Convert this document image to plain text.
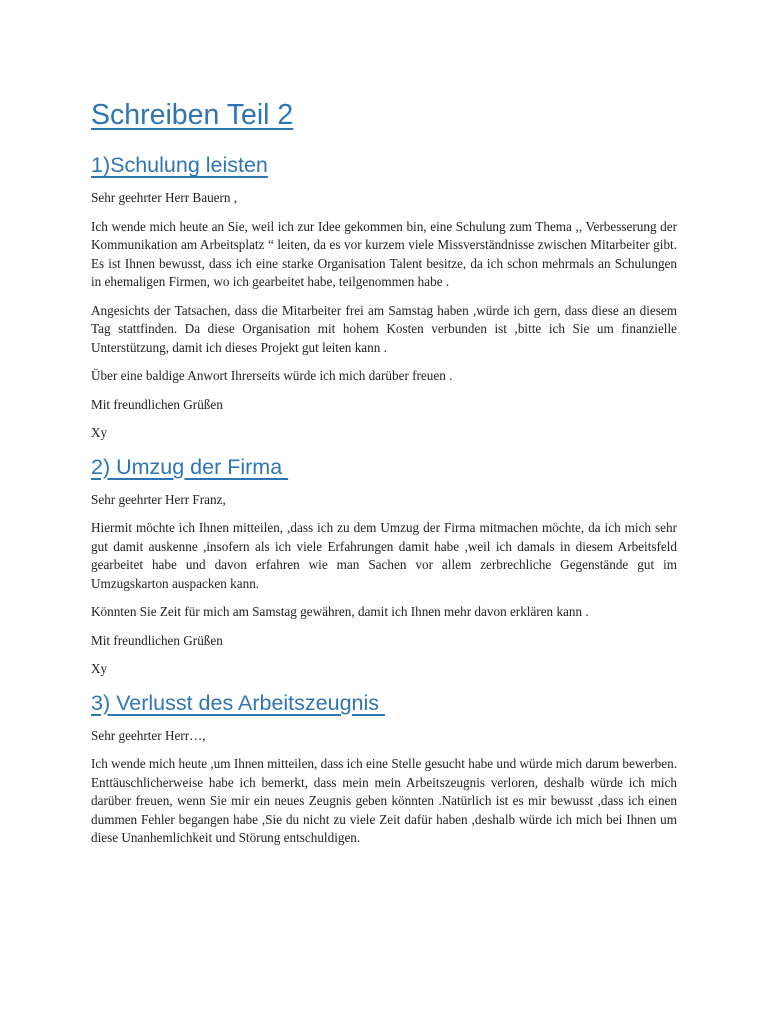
Schreiben Teil 2
1)Schulung leisten

Sehr geehrter Herr Bauern ,

Ich wende mich heute an Sie, weil ich zur Idee gekommen bin, eine Schulung zum Thema ,, Verbesserung der Kommunikation am Arbeitsplatz “ leiten, da es vor kurzem viele Missverständnisse zwischen Mitarbeiter gibt. Es ist Ihnen bewusst, dass ich eine starke Organisation Talent besitze, da ich schon mehrmals an Schulungen in ehemaligen Firmen, wo ich gearbeitet habe, teilgenommen habe .

Angesichts der Tatsachen, dass die Mitarbeiter frei am Samstag haben ,würde ich gern, dass diese an diesem Tag stattfinden. Da diese Organisation mit hohem Kosten verbunden ist ,bitte ich Sie um finanzielle Unterstützung, damit ich dieses Projekt gut leiten kann .

Über eine baldige Anwort Ihrerseits würde ich mich darüber freuen .

Mit freundlichen Grüßen

Xy

2) Umzug der Firma

Sehr geehrter Herr Franz,

Hiermit möchte ich Ihnen mitteilen, ,dass ich zu dem Umzug der Firma mitmachen möchte, da ich mich sehr gut damit auskenne ,insofern als ich viele Erfahrungen damit habe ,weil ich damals in diesem Arbeitsfeld gearbeitet habe und davon erfahren wie man Sachen vor allem zerbrechliche Gegenstände gut im Umzugskarton auspacken kann.

Könnten Sie Zeit für mich am Samstag gewähren, damit ich Ihnen mehr davon erklären kann .

Mit freundlichen Grüßen

Xy

3) Verlusst des Arbeitszeugnis

Sehr geehrter Herr…,

Ich wende mich heute ,um Ihnen mitteilen, dass ich eine Stelle gesucht habe und würde mich darum bewerben. Enttäuschlicherweise habe ich bemerkt, dass mein mein Arbeitszeugnis verloren, deshalb würde ich mich darüber freuen, wenn Sie mir ein neues Zeugnis geben könnten .Natürlich ist es mir bewusst ,dass ich einen dummen Fehler begangen habe ,Sie du nicht zu viele Zeit dafür haben ,deshalb würde ich mich bei Ihnen um diese Unanhemlichkeit und Störung entschuldigen.
